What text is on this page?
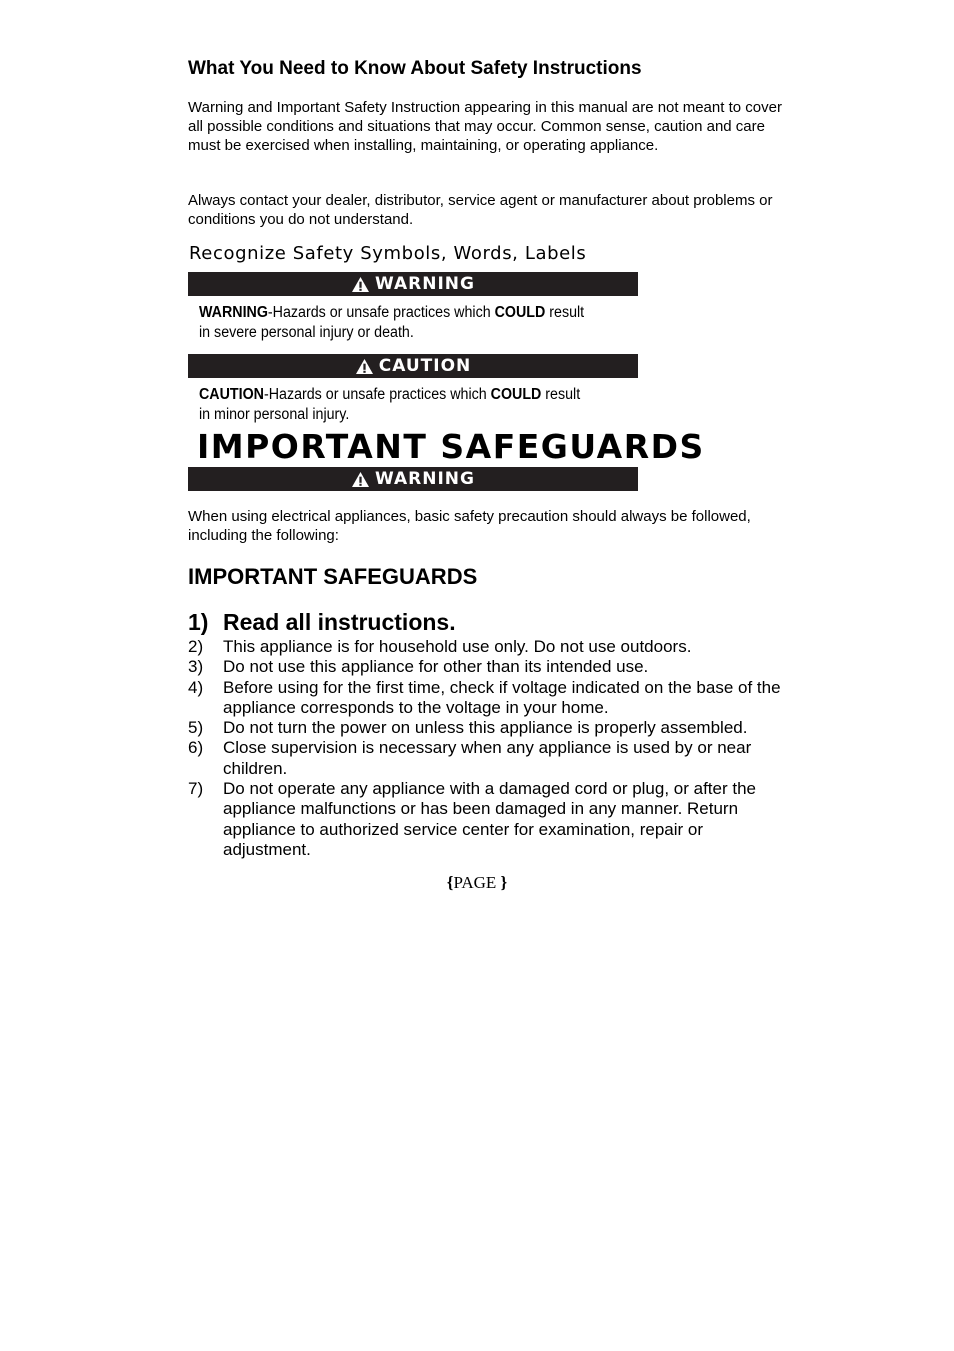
What You Need to Know About Safety Instructions
Warning and Important Safety Instruction appearing in this manual are not meant to cover all possible conditions and situations that may occur. Common sense, caution and care must be exercised when installing, maintaining, or operating appliance.
Always contact your dealer, distributor, service agent or manufacturer about problems or conditions you do not understand.
Recognize Safety Symbols, Words, Labels
WARNING
WARNING-Hazards or unsafe practices which COULD result in severe personal injury or death.
CAUTION
CAUTION-Hazards or unsafe practices which COULD result in minor personal injury.
IMPORTANT SAFEGUARDS
WARNING
When using electrical appliances, basic safety precaution should always be followed, including the following:
IMPORTANT SAFEGUARDS
1) Read all instructions.
2)	This appliance is for household use only. Do not use outdoors.
3)	Do not use this appliance for other than its intended use.
4)	Before using for the first time, check if voltage indicated on the base of the appliance corresponds to the voltage in your home.
5)	Do not turn the power on unless this appliance is properly assembled.
6)	Close supervision is necessary when any appliance is used by or near children.
7)	Do not operate any appliance with a damaged cord or plug, or after the appliance malfunctions or has been damaged in any manner. Return appliance to authorized service center for examination, repair or adjustment.
{PAGE }
